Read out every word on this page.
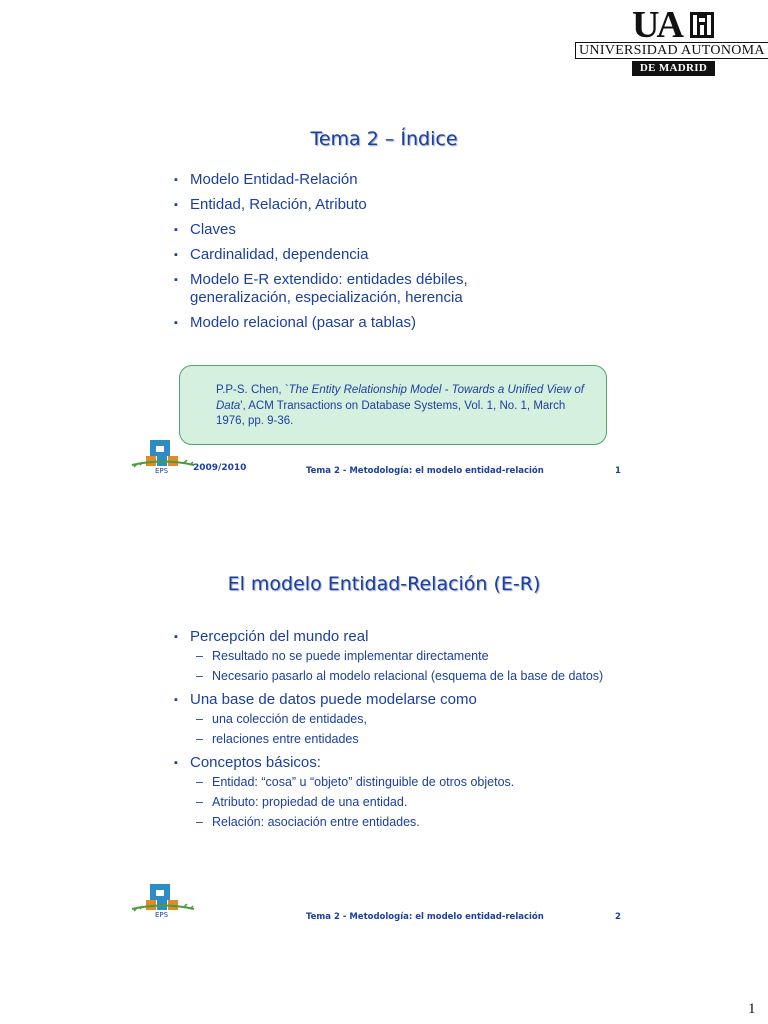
UA
UNIVERSIDAD AUTONOMA
DE MADRID
Tema 2 – Índice
▪ Modelo Entidad-Relación
▪ Entidad, Relación, Atributo
▪ Claves
▪ Cardinalidad, dependencia
▪ Modelo E-R extendido: entidades débiles, generalización, especialización, herencia
▪ Modelo relacional (pasar a tablas)
P.P-S. Chen, `The Entity Relationship Model - Towards a Unified View of Data', ACM Transactions on Database Systems, Vol. 1, No. 1, March 1976, pp. 9-36.
EPS	2009/2010	Tema 2 - Metodología: el modelo entidad-relación	1
El modelo Entidad-Relación (E-R)
▪ Percepción del mundo real
– Resultado no se puede implementar directamente
– Necesario pasarlo al modelo relacional (esquema de la base de datos)
▪ Una base de datos puede modelarse como
– una colección de entidades,
– relaciones entre entidades
▪ Conceptos básicos:
– Entidad: “cosa” u “objeto” distinguible de otros objetos.
– Atributo: propiedad de una entidad.
– Relación: asociación entre entidades.
EPS	Tema 2 - Metodología: el modelo entidad-relación	2
1
